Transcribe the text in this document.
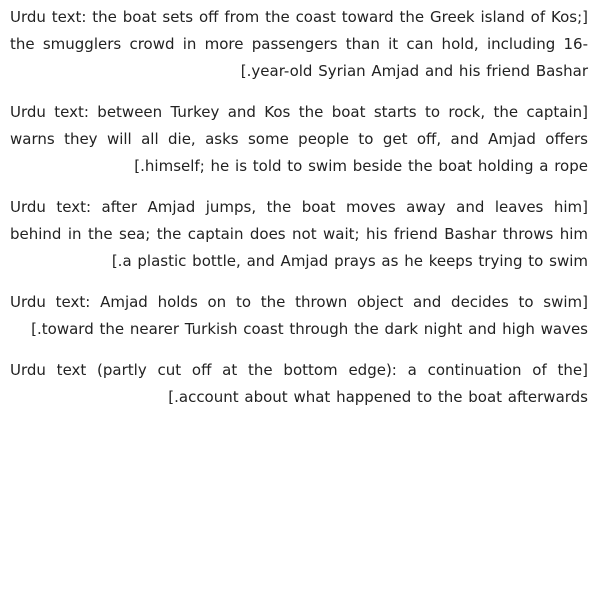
[Urdu text: the boat sets off from the coast toward the Greek island of Kos; the smugglers crowd in more passengers than it can hold, including 16-year-old Syrian Amjad and his friend Bashar.]

[Urdu text: between Turkey and Kos the boat starts to rock, the captain warns they will all die, asks some people to get off, and Amjad offers himself; he is told to swim beside the boat holding a rope.]

[Urdu text: after Amjad jumps, the boat moves away and leaves him behind in the sea; the captain does not wait; his friend Bashar throws him a plastic bottle, and Amjad prays as he keeps trying to swim.]

[Urdu text: Amjad holds on to the thrown object and decides to swim toward the nearer Turkish coast through the dark night and high waves.]

[Urdu text (partly cut off at the bottom edge): a continuation of the account about what happened to the boat afterwards.]
